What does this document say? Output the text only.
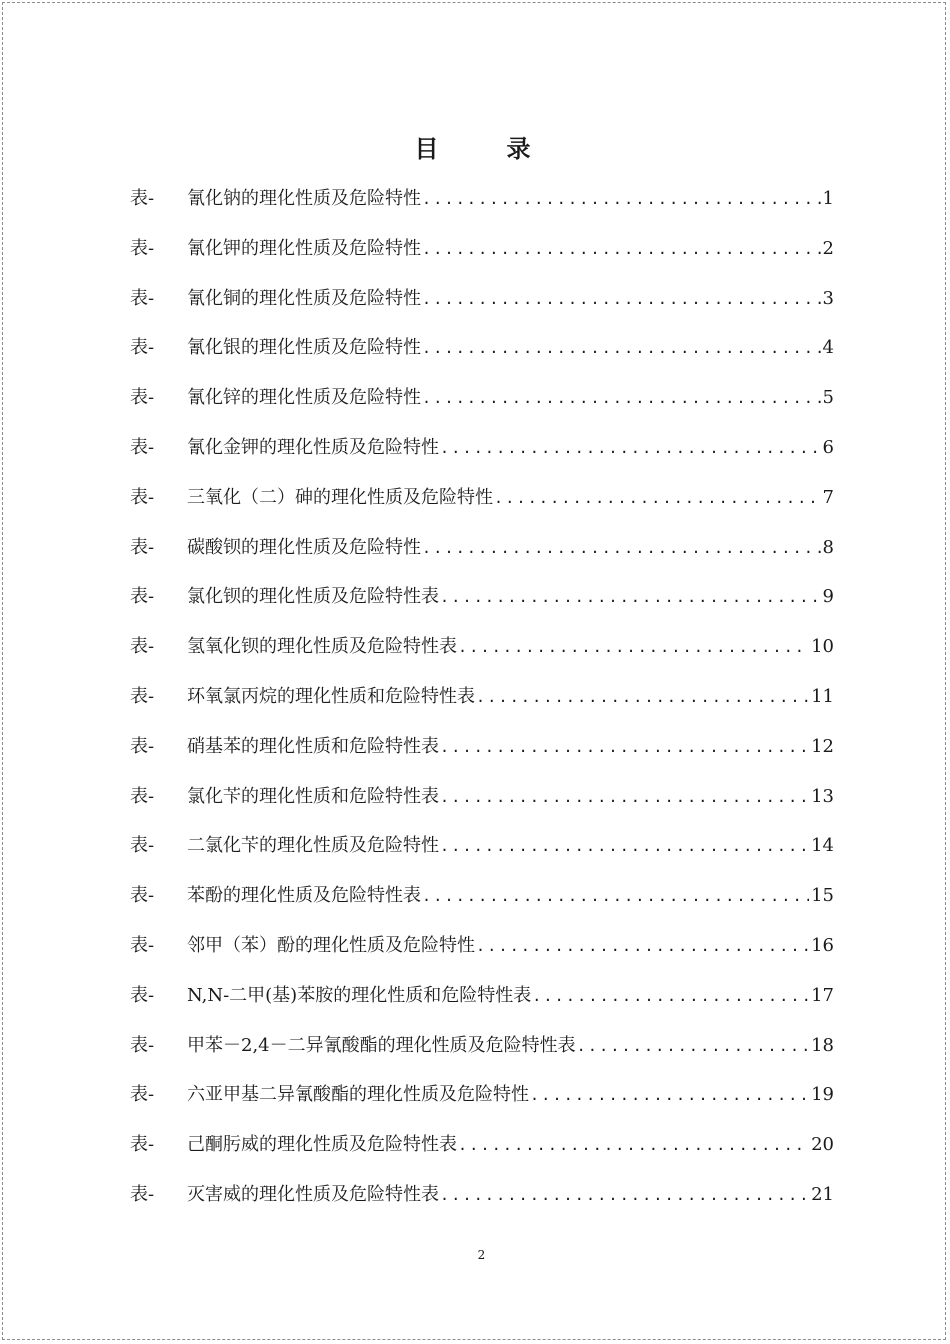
目　录
表-	氰化钠的理化性质及危险特性 .....	1
表-	氰化钾的理化性质及危险特性 .....	2
表-	氰化铜的理化性质及危险特性 .....	3
表-	氰化银的理化性质及危险特性 .....	4
表-	氰化锌的理化性质及危险特性 .....	5
表-	氰化金钾的理化性质及危险特性 .....	6
表-	三氧化（二）砷的理化性质及危险特性 .....	7
表-	碳酸钡的理化性质及危险特性 .....	8
表-	氯化钡的理化性质及危险特性表 .....	9
表-	氢氧化钡的理化性质及危险特性表 .....	10
表-	环氧氯丙烷的理化性质和危险特性表 .....	11
表-	硝基苯的理化性质和危险特性表 .....	12
表-	氯化苄的理化性质和危险特性表 .....	13
表-	二氯化苄的理化性质及危险特性 .....	14
表-	苯酚的理化性质及危险特性表 .....	15
表-	邻甲（苯）酚的理化性质及危险特性 .....	16
表-	N,N-二甲(基)苯胺的理化性质和危险特性表 .....	17
表-	甲苯－2,4－二异氰酸酯的理化性质及危险特性表 .....	18
表-	六亚甲基二异氰酸酯的理化性质及危险特性 .....	19
表-	己酮肟威的理化性质及危险特性表 .....	20
表-	灭害威的理化性质及危险特性表 .....	21
2
